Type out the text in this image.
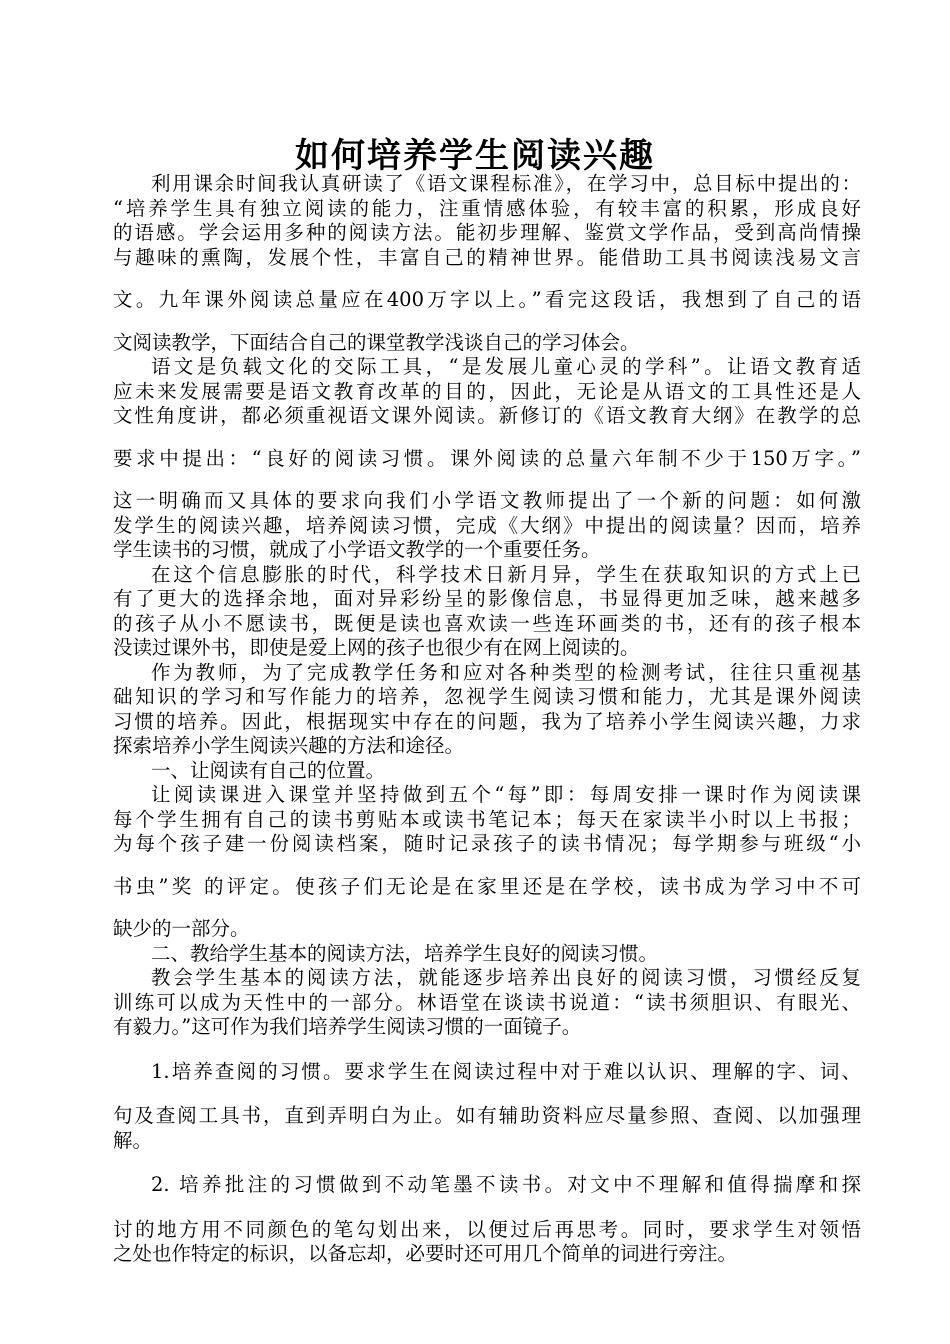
如何培养学生阅读兴趣
利用课余时间我认真研读了《语文课程标准》，在学习中，总目标中提出的：
“培养学生具有独立阅读的能力，注重情感体验，有较丰富的积累，形成良好
的语感。学会运用多种的阅读方法。能初步理解、鉴赏文学作品，受到高尚情操
与趣味的熏陶，发展个性，丰富自己的精神世界。能借助工具书阅读浅易文言
文。九年课外阅读总量应在400万字以上。”看完这段话，我想到了自己的语
文阅读教学，下面结合自己的课堂教学浅谈自己的学习体会。
语文是负载文化的交际工具，“是发展儿童心灵的学科”。让语文教育适
应未来发展需要是语文教育改革的目的，因此，无论是从语文的工具性还是人
文性角度讲，都必须重视语文课外阅读。新修订的《语文教育大纲》在教学的总
要求中提出：“良好的阅读习惯。课外阅读的总量六年制不少于150万字。”
这一明确而又具体的要求向我们小学语文教师提出了一个新的问题：如何激
发学生的阅读兴趣，培养阅读习惯，完成《大纲》中提出的阅读量？因而，培养
学生读书的习惯，就成了小学语文教学的一个重要任务。
在这个信息膨胀的时代，科学技术日新月异，学生在获取知识的方式上已
有了更大的选择余地，面对异彩纷呈的影像信息，书显得更加乏味，越来越多
的孩子从小不愿读书，既便是读也喜欢读一些连环画类的书，还有的孩子根本
没读过课外书，即使是爱上网的孩子也很少有在网上阅读的。
作为教师，为了完成教学任务和应对各种类型的检测考试，往往只重视基
础知识的学习和写作能力的培养，忽视学生阅读习惯和能力，尤其是课外阅读
习惯的培养。因此，根据现实中存在的问题，我为了培养小学生阅读兴趣，力求
探索培养小学生阅读兴趣的方法和途径。
一、让阅读有自己的位置。
让阅读课进入课堂并坚持做到五个“每”即：每周安排一课时作为阅读课
每个学生拥有自己的读书剪贴本或读书笔记本；每天在家读半小时以上书报；
为每个孩子建一份阅读档案，随时记录孩子的读书情况；每学期参与班级“小
书虫”奖 的评定。使孩子们无论是在家里还是在学校，读书成为学习中不可
缺少的一部分。
二、教给学生基本的阅读方法，培养学生良好的阅读习惯。
教会学生基本的阅读方法，就能逐步培养出良好的阅读习惯，习惯经反复
训练可以成为天性中的一部分。林语堂在谈读书说道：“读书须胆识、有眼光、
有毅力。”这可作为我们培养学生阅读习惯的一面镜子。
1.培养查阅的习惯。要求学生在阅读过程中对于难以认识、理解的字、词、
句及查阅工具书，直到弄明白为止。如有辅助资料应尽量参照、查阅、以加强理
解。
2. 培养批注的习惯做到不动笔墨不读书。对文中不理解和值得揣摩和探
讨的地方用不同颜色的笔勾划出来，以便过后再思考。同时，要求学生对领悟
之处也作特定的标识，以备忘却，必要时还可用几个简单的词进行旁注。
